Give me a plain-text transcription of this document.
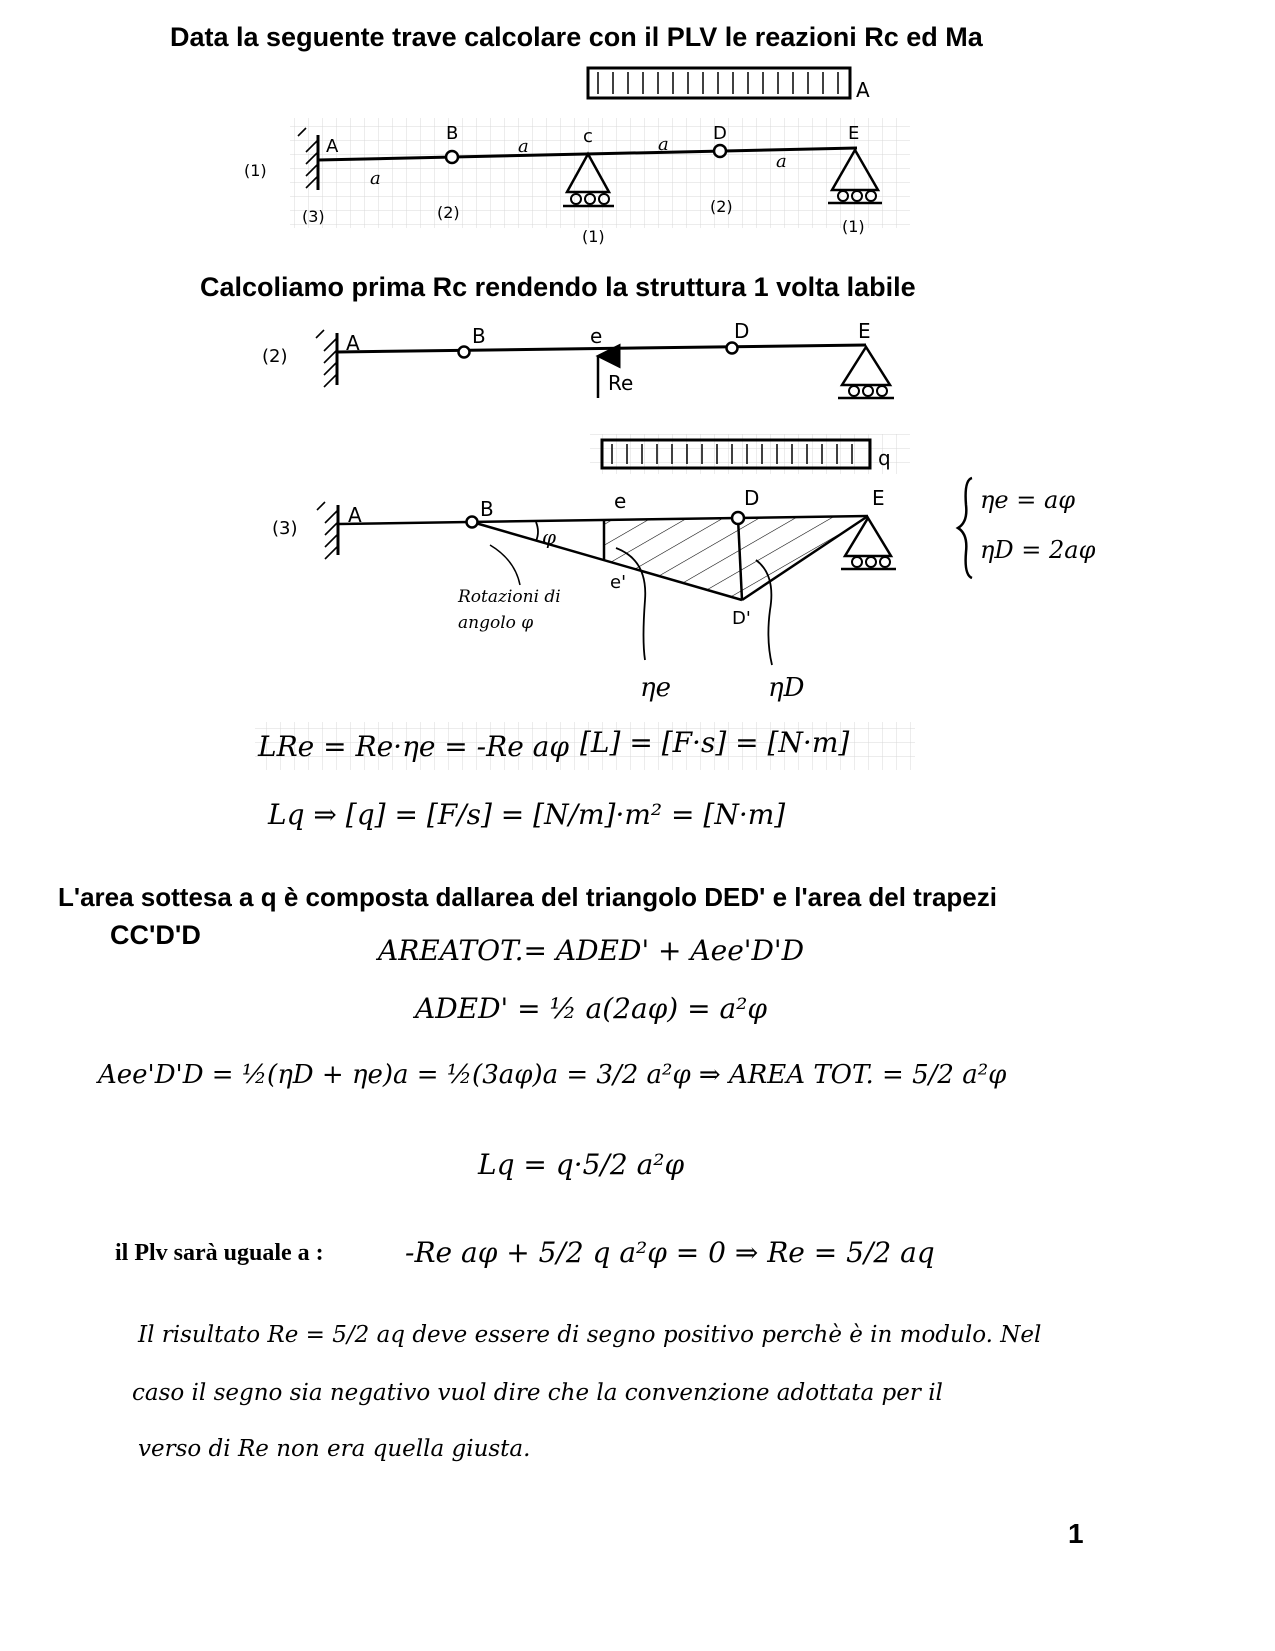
Data la seguente trave calcolare con il PLV le reazioni Rc ed Ma
Calcoliamo prima Rc rendendo la struttura 1 volta labile
L'area sottesa a q è composta dallarea del triangolo DED' e l'area del trapezi
CC'D'D
il Plv sarà uguale a :
1
A
B	c	D	E
A
(1)	a
a	a
a
(3)	(2)
(1)
(2)
(1)
(2)
A	B	e	D	E
Re
(3)
A	B	e	D	E
q
φ
e'
D'
Rotazioni di
angolo φ
ηe	ηD
ηe = aφ
ηD = 2aφ
LRe = Re·ηe = -Re aφ [L] = [F·s] = [N·m]
Lq ⇒ [q] = [F/s] = [N/m]·m² = [N·m]
AREATOT.= ADED' + Aee'D'D
ADED' = ½ a(2aφ) = a²φ
Aee'D'D = ½(ηD + ηe)a = ½(3aφ)a = 3/2 a²φ ⇒ AREA TOT. = 5/2 a²φ
Lq = q·5/2 a²φ
-Re aφ + 5/2 q a²φ = 0 ⇒ Re = 5/2 aq
Il risultato Re = 5/2 aq deve essere di segno positivo perchè è in modulo. Nel
caso il segno sia negativo vuol dire che la convenzione adottata per il
verso di Re non era quella giusta.
